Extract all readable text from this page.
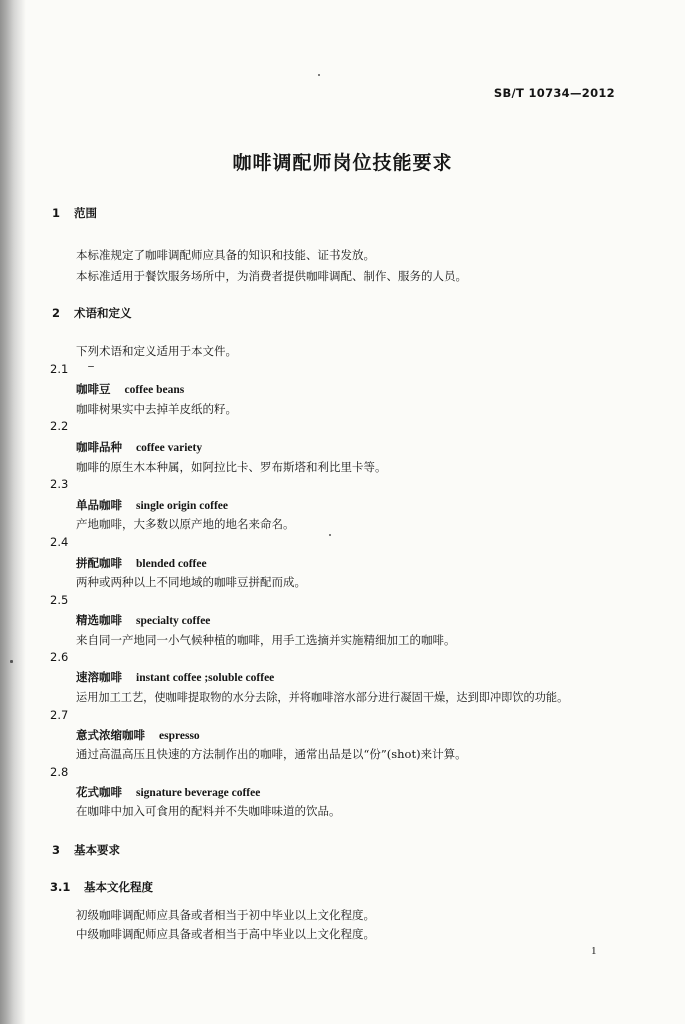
SB/T 10734—2012
咖啡调配师岗位技能要求
1 范围
本标准规定了咖啡调配师应具备的知识和技能、证书发放。
本标准适用于餐饮服务场所中，为消费者提供咖啡调配、制作、服务的人员。
2 术语和定义
下列术语和定义适用于本文件。
2.1
咖啡豆 coffee beans
咖啡树果实中去掉羊皮纸的籽。
2.2
咖啡品种 coffee variety
咖啡的原生木本种属，如阿拉比卡、罗布斯塔和利比里卡等。
2.3
单品咖啡 single origin coffee
产地咖啡，大多数以原产地的地名来命名。
2.4
拼配咖啡 blended coffee
两种或两种以上不同地域的咖啡豆拼配而成。
2.5
精选咖啡 specialty coffee
来自同一产地同一小气候种植的咖啡，用手工选摘并实施精细加工的咖啡。
2.6
速溶咖啡 instant coffee ;soluble coffee
运用加工工艺，使咖啡提取物的水分去除，并将咖啡溶水部分进行凝固干燥，达到即冲即饮的功能。
2.7
意式浓缩咖啡 espresso
通过高温高压且快速的方法制作出的咖啡，通常出品是以“份”(shot)来计算。
2.8
花式咖啡 signature beverage coffee
在咖啡中加入可食用的配料并不失咖啡味道的饮品。
3 基本要求
3.1 基本文化程度
初级咖啡调配师应具备或者相当于初中毕业以上文化程度。
中级咖啡调配师应具备或者相当于高中毕业以上文化程度。
1
